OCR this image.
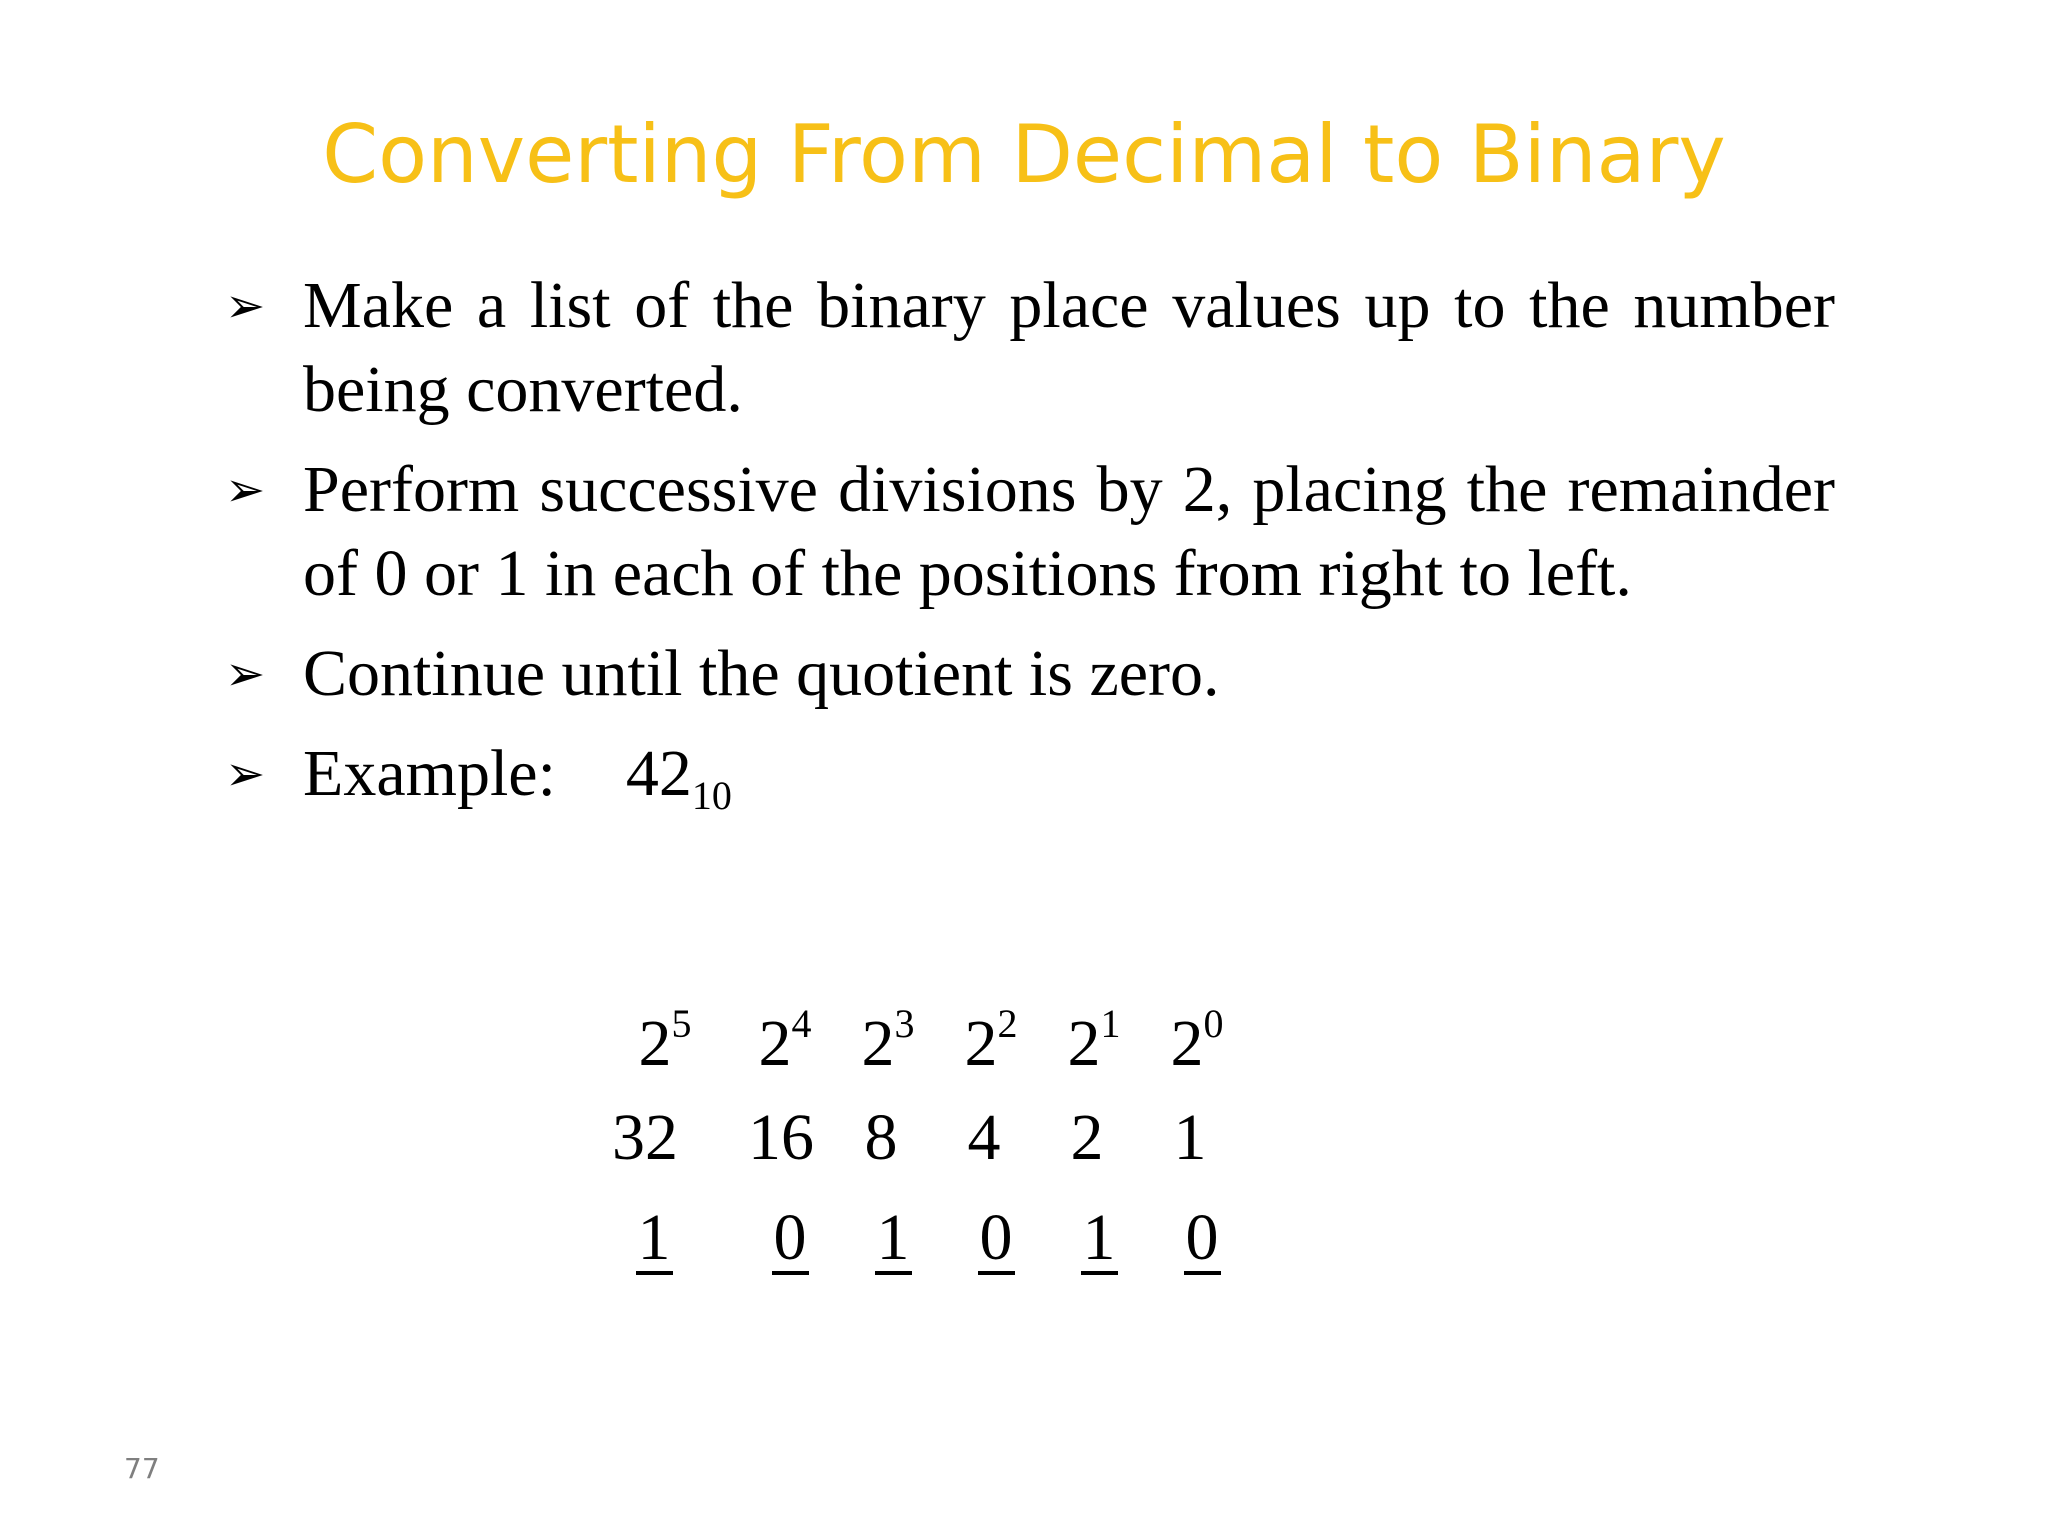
Converting From Decimal to Binary
➢ Make a list of the binary place values up to the number being converted.
➢ Perform successive divisions by 2, placing the remainder of 0 or 1 in each of the positions from right to left.
➢ Continue until the quotient is zero.
➢ Example: $42_{10}$
$2^5$ $2^4$ $2^3$ $2^2$ $2^1$ $2^0$
32 16 8	4	2	1
1	0	1	0	1	0
77
